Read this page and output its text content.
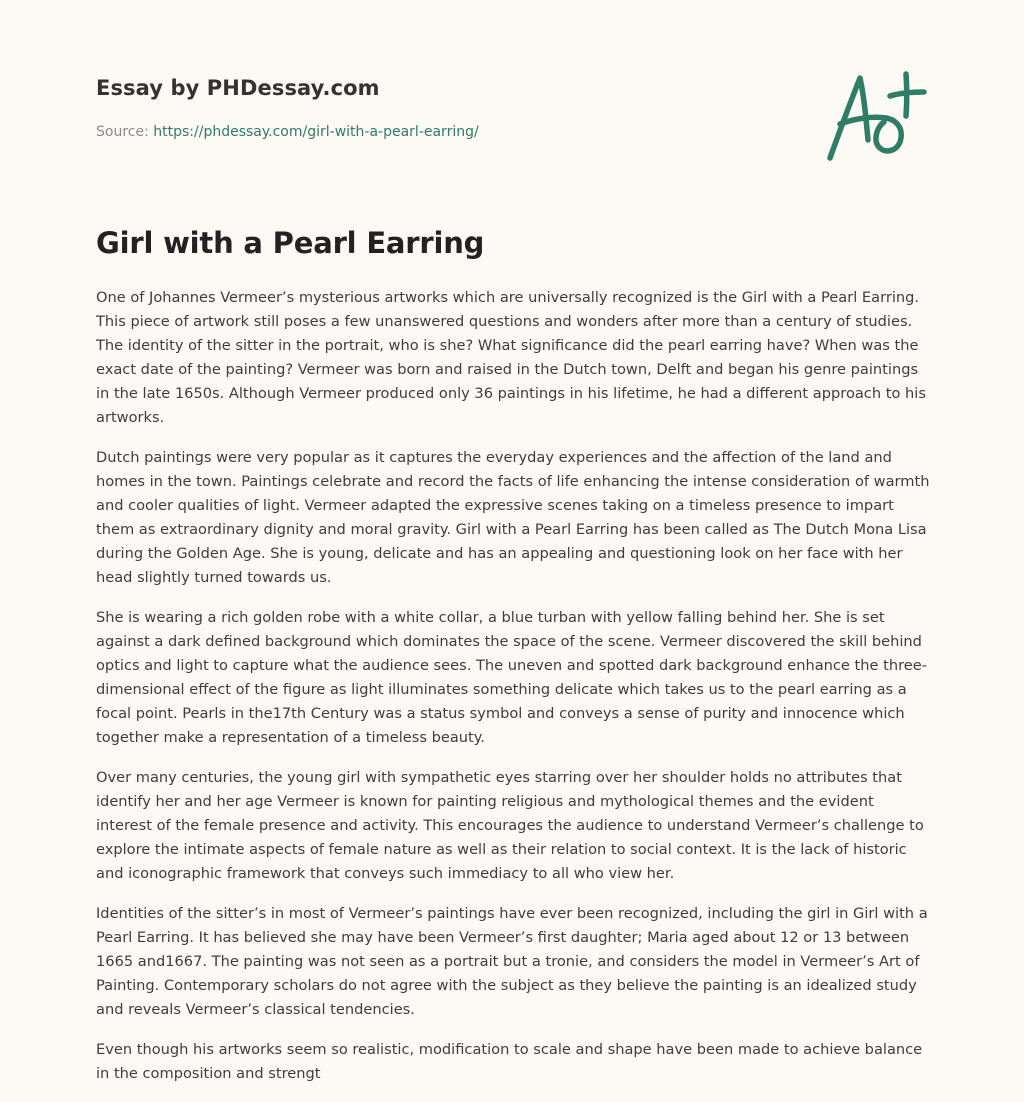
Essay by PHDessay.com
Source: https://phdessay.com/girl-with-a-pearl-earring/
Girl with a Pearl Earring

One of Johannes Vermeer’s mysterious artworks which are universally recognized is the Girl with a Pearl Earring. This piece of artwork still poses a few unanswered questions and wonders after more than a century of studies. The identity of the sitter in the portrait, who is she? What significance did the pearl earring have? When was the exact date of the painting? Vermeer was born and raised in the Dutch town, Delft and began his genre paintings in the late 1650s. Although Vermeer produced only 36 paintings in his lifetime, he had a different approach to his artworks.

Dutch paintings were very popular as it captures the everyday experiences and the affection of the land and homes in the town. Paintings celebrate and record the facts of life enhancing the intense consideration of warmth and cooler qualities of light. Vermeer adapted the expressive scenes taking on a timeless presence to impart them as extraordinary dignity and moral gravity. Girl with a Pearl Earring has been called as The Dutch Mona Lisa during the Golden Age. She is young, delicate and has an appealing and questioning look on her face with her head slightly turned towards us.

She is wearing a rich golden robe with a white collar, a blue turban with yellow falling behind her. She is set against a dark defined background which dominates the space of the scene. Vermeer discovered the skill behind optics and light to capture what the audience sees. The uneven and spotted dark background enhance the three-dimensional effect of the figure as light illuminates something delicate which takes us to the pearl earring as a focal point. Pearls in the17th Century was a status symbol and conveys a sense of purity and innocence which together make a representation of a timeless beauty.

Over many centuries, the young girl with sympathetic eyes starring over her shoulder holds no attributes that identify her and her age Vermeer is known for painting religious and mythological themes and the evident interest of the female presence and activity. This encourages the audience to understand Vermeer’s challenge to explore the intimate aspects of female nature as well as their relation to social context. It is the lack of historic and iconographic framework that conveys such immediacy to all who view her.

Identities of the sitter’s in most of Vermeer’s paintings have ever been recognized, including the girl in Girl with a Pearl Earring. It has believed she may have been Vermeer’s first daughter; Maria aged about 12 or 13 between 1665 and1667. The painting was not seen as a portrait but a tronie, and considers the model in Vermeer’s Art of Painting. Contemporary scholars do not agree with the subject as they believe the painting is an idealized study and reveals Vermeer’s classical tendencies.

Even though his artworks seem so realistic, modification to scale and shape have been made to achieve balance in the composition and strengt
